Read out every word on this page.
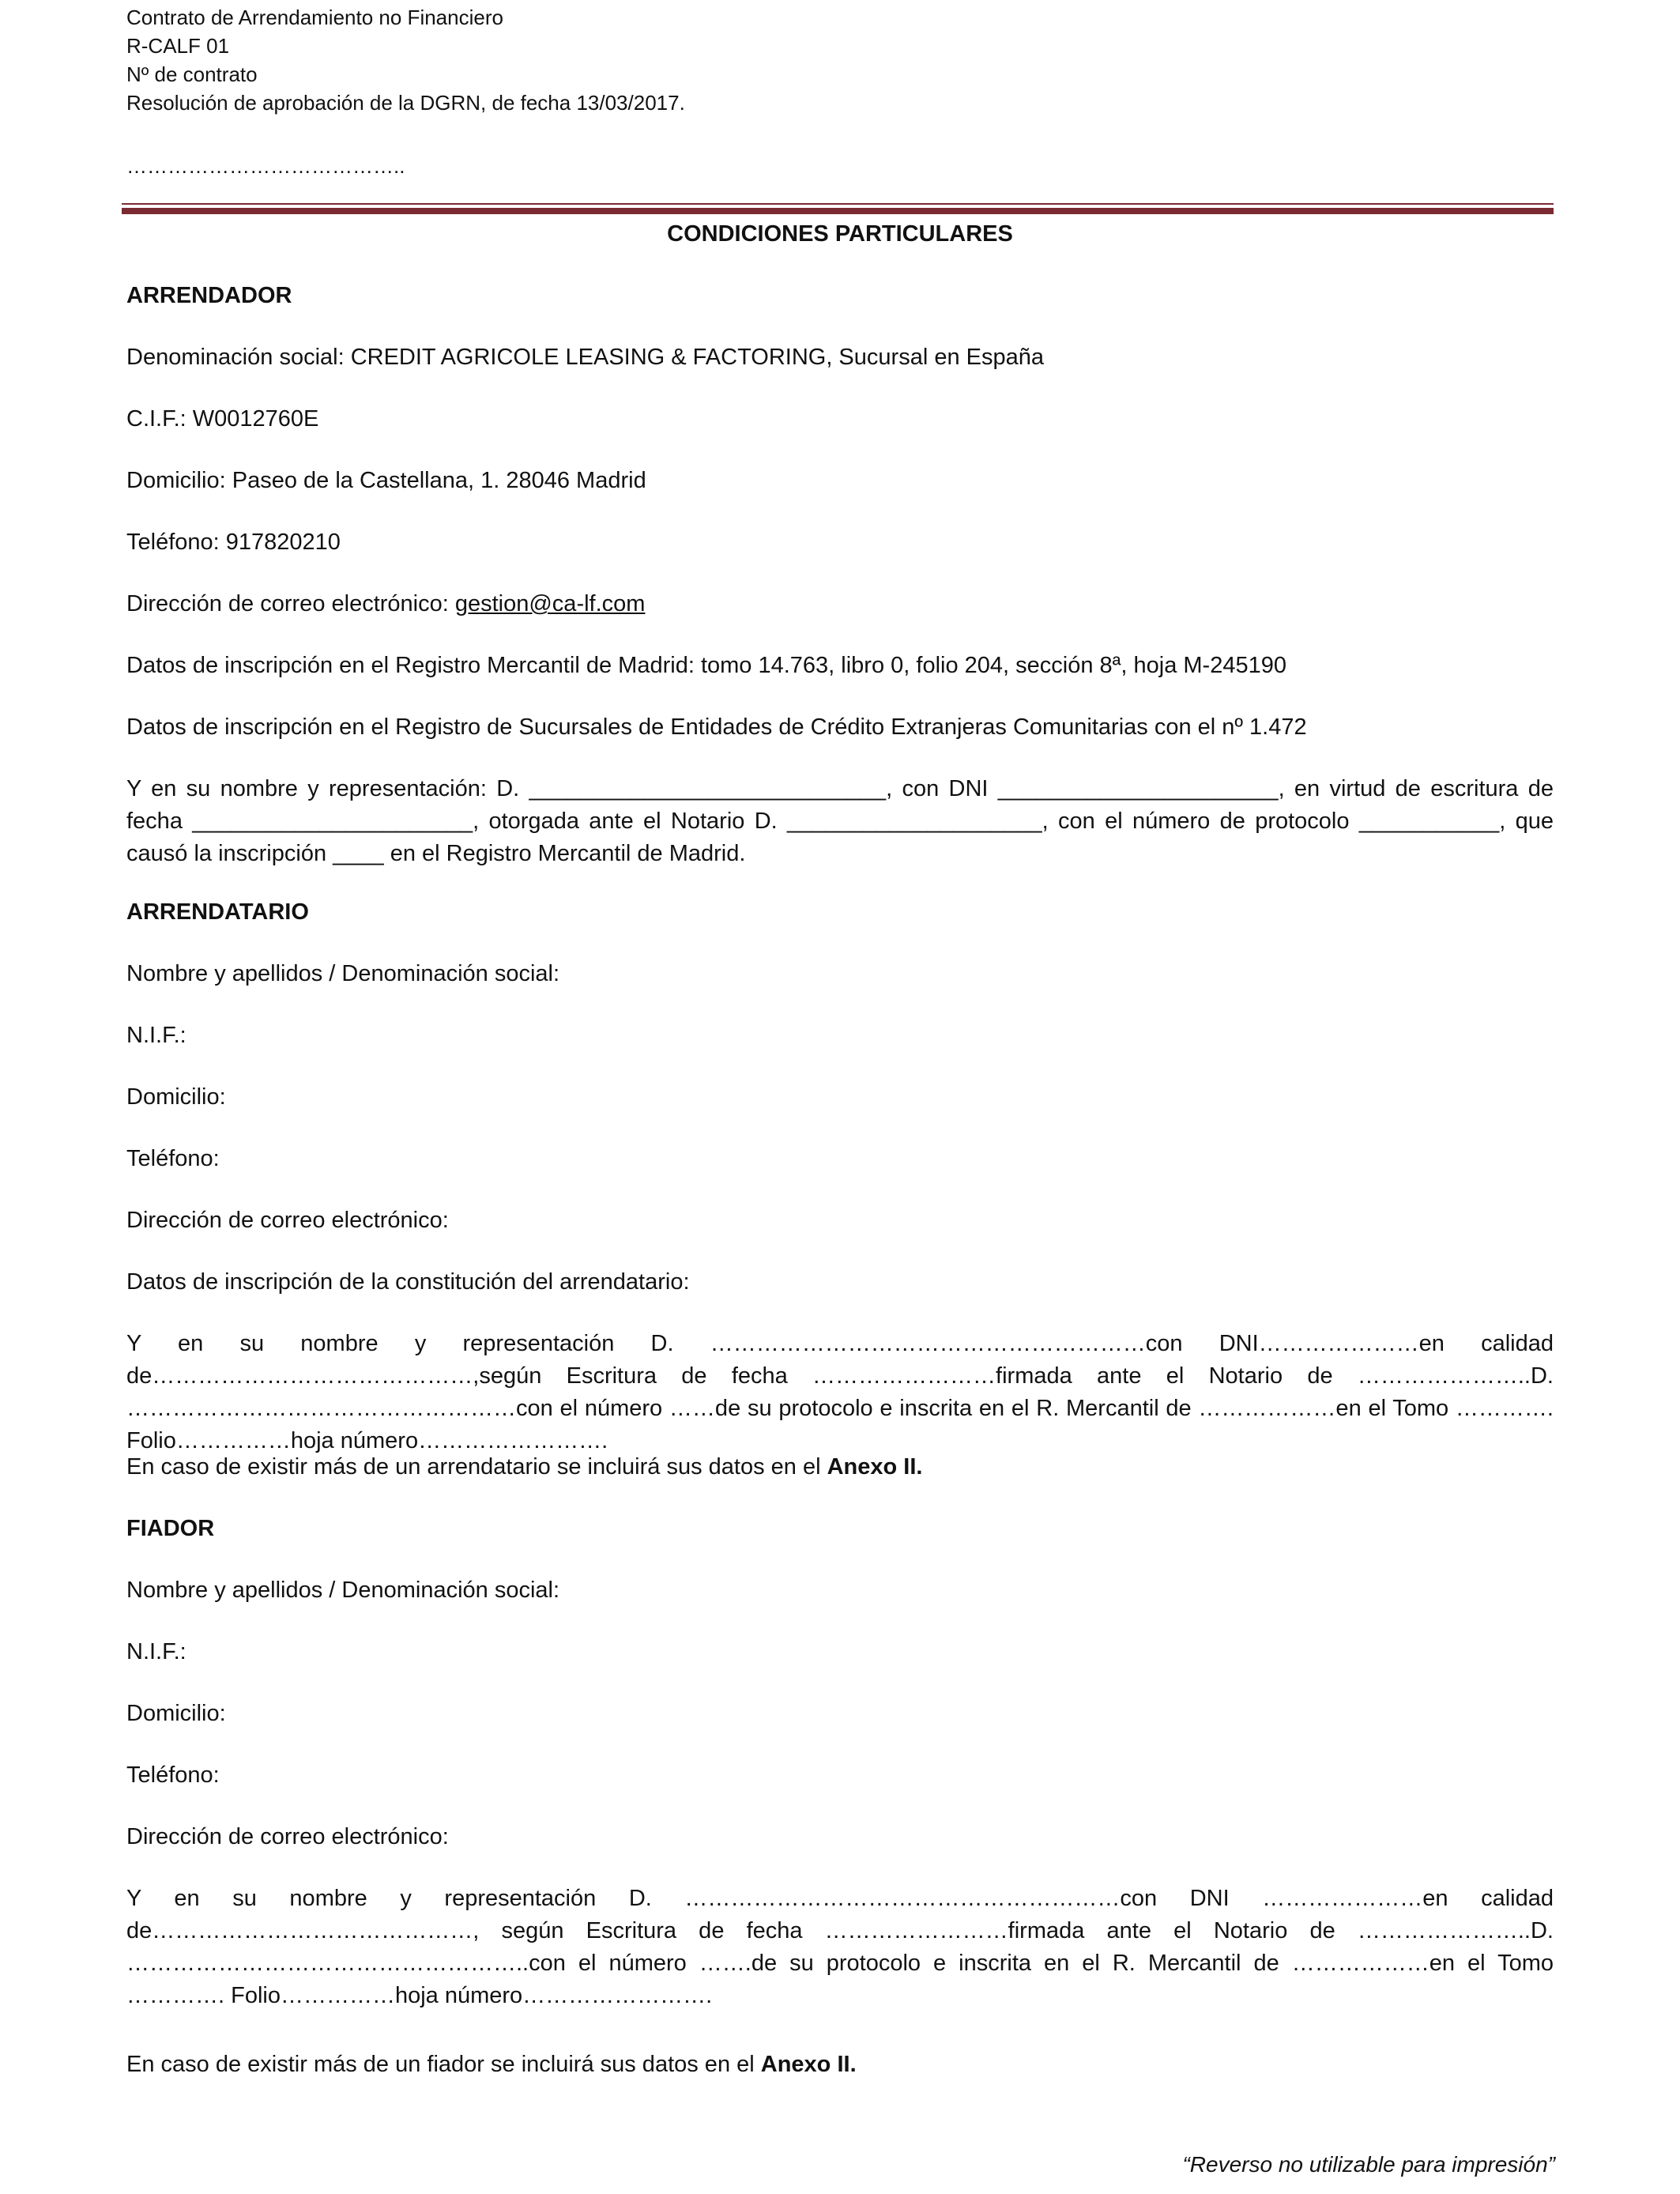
Contrato de Arrendamiento no Financiero
R-CALF 01
Nº de contrato
Resolución de aprobación de la DGRN, de fecha 13/03/2017.
…………………………………..
CONDICIONES PARTICULARES
ARRENDADOR
Denominación social: CREDIT AGRICOLE LEASING & FACTORING, Sucursal en España
C.I.F.: W0012760E
Domicilio: Paseo de la Castellana, 1. 28046 Madrid
Teléfono: 917820210
Dirección de correo electrónico: gestion@ca-lf.com
Datos de inscripción en el Registro Mercantil de Madrid: tomo 14.763, libro 0, folio 204, sección 8ª, hoja M-245190
Datos de inscripción en el Registro de Sucursales de Entidades de Crédito Extranjeras Comunitarias con el nº 1.472
Y en su nombre y representación: D. ____________________________, con DNI ______________________, en virtud de escritura de fecha ______________________, otorgada ante el Notario D. ____________________, con el número de protocolo ___________, que causó la inscripción ____ en el Registro Mercantil de Madrid.
ARRENDATARIO
Nombre y apellidos / Denominación social:
N.I.F.:
Domicilio:
Teléfono:
Dirección de correo electrónico:
Datos de inscripción de la constitución del arrendatario:
Y en su nombre y representación D. …………………………………………………con DNI…………………en calidad de……………………………………,según Escritura de fecha ……………………firmada ante el Notario de …………………..D. ……………………………………………con el número ……de su protocolo e inscrita en el R. Mercantil de ………………en el Tomo …………. Folio……………hoja número…………………….
En caso de existir más de un arrendatario se incluirá sus datos en el Anexo II.
FIADOR
Nombre y apellidos / Denominación social:
N.I.F.:
Domicilio:
Teléfono:
Dirección de correo electrónico:
Y en su nombre y representación D. …………………………………………………con DNI …………………en calidad de……………………………………, según Escritura de fecha ……………………firmada ante el Notario de …………………..D. ……………………………………………..con el número …….de su protocolo e inscrita en el R. Mercantil de ………………en el Tomo …………. Folio……………hoja número…………………….
En caso de existir más de un fiador se incluirá sus datos en el Anexo II.
“Reverso no utilizable para impresión”
